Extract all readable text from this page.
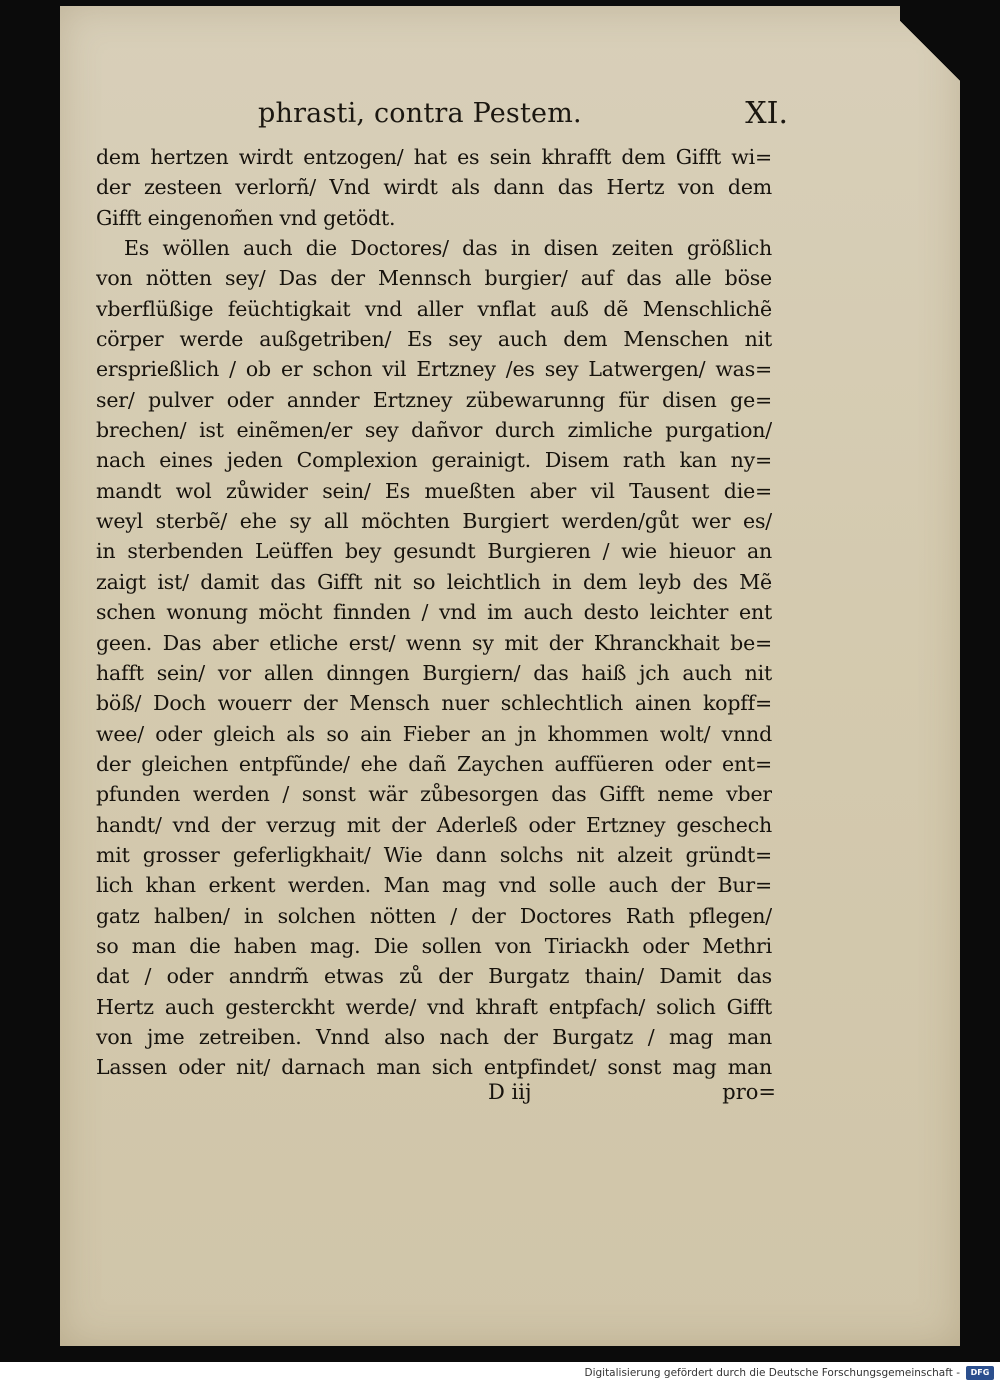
phrasti, contra Pestem.	XI.
dem hertzen wirdt entzogen/ hat es sein khrafft dem Gifft wi=
der zesteen verlorñ/ Vnd wirdt als dann das Hertz von dem
Gifft eingenom̃en vnd getödt.
Es wöllen auch die Doctores/ das in disen zeiten größlich
von nötten sey/ Das der Mennsch burgier/ auf das alle böse
vberflüßige feüchtigkait vnd aller vnflat auß dẽ Menschlichẽ
cörper werde außgetriben/ Es sey auch dem Menschen nit
ersprießlich / ob er schon vil Ertzney /es sey Latwergen/ was=
ser/ pulver oder annder Ertzney zübewarunng für disen ge=
brechen/ ist einẽmen/er sey dañvor durch zimliche purgation/
nach eines jeden Complexion gerainigt. Disem rath kan ny=
mandt wol zůwider sein/ Es mueßten aber vil Tausent die=
weyl sterbẽ/ ehe sy all möchten Burgiert werden/gůt wer es/
in sterbenden Leüffen bey gesundt Burgieren / wie hieuor an
zaigt ist/ damit das Gifft nit so leichtlich in dem leyb des Mẽ
schen wonung möcht finnden / vnd im auch desto leichter ent
geen. Das aber etliche erst/ wenn sy mit der Khranckhait be=
hafft sein/ vor allen dinngen Burgiern/ das haiß jch auch nit
böß/ Doch wouerr der Mensch nuer schlechtlich ainen kopff=
wee/ oder gleich als so ain Fieber an jn khommen wolt/ vnnd
der gleichen entpfũnde/ ehe dañ Zaychen auffüeren oder ent=
pfunden werden / sonst wär zůbesorgen das Gifft neme vber
handt/ vnd der verzug mit der Aderleß oder Ertzney geschech
mit grosser geferligkhait/ Wie dann solchs nit alzeit gründt=
lich khan erkent werden. Man mag vnd solle auch der Bur=
gatz halben/ in solchen nötten / der Doctores Rath pflegen/
so man die haben mag. Die sollen von Tiriackh oder Methri
dat / oder anndrm̃ etwas zů der Burgatz thain/ Damit das
Hertz auch gesterckht werde/ vnd khraft entpfach/ solich Gifft
von jme zetreiben. Vnnd also nach der Burgatz / mag man
Lassen oder nit/ darnach man sich entpfindet/ sonst mag man
D iij	pro=
Digitalisierung gefördert durch die Deutsche Forschungsgemeinschaft -	DFG
